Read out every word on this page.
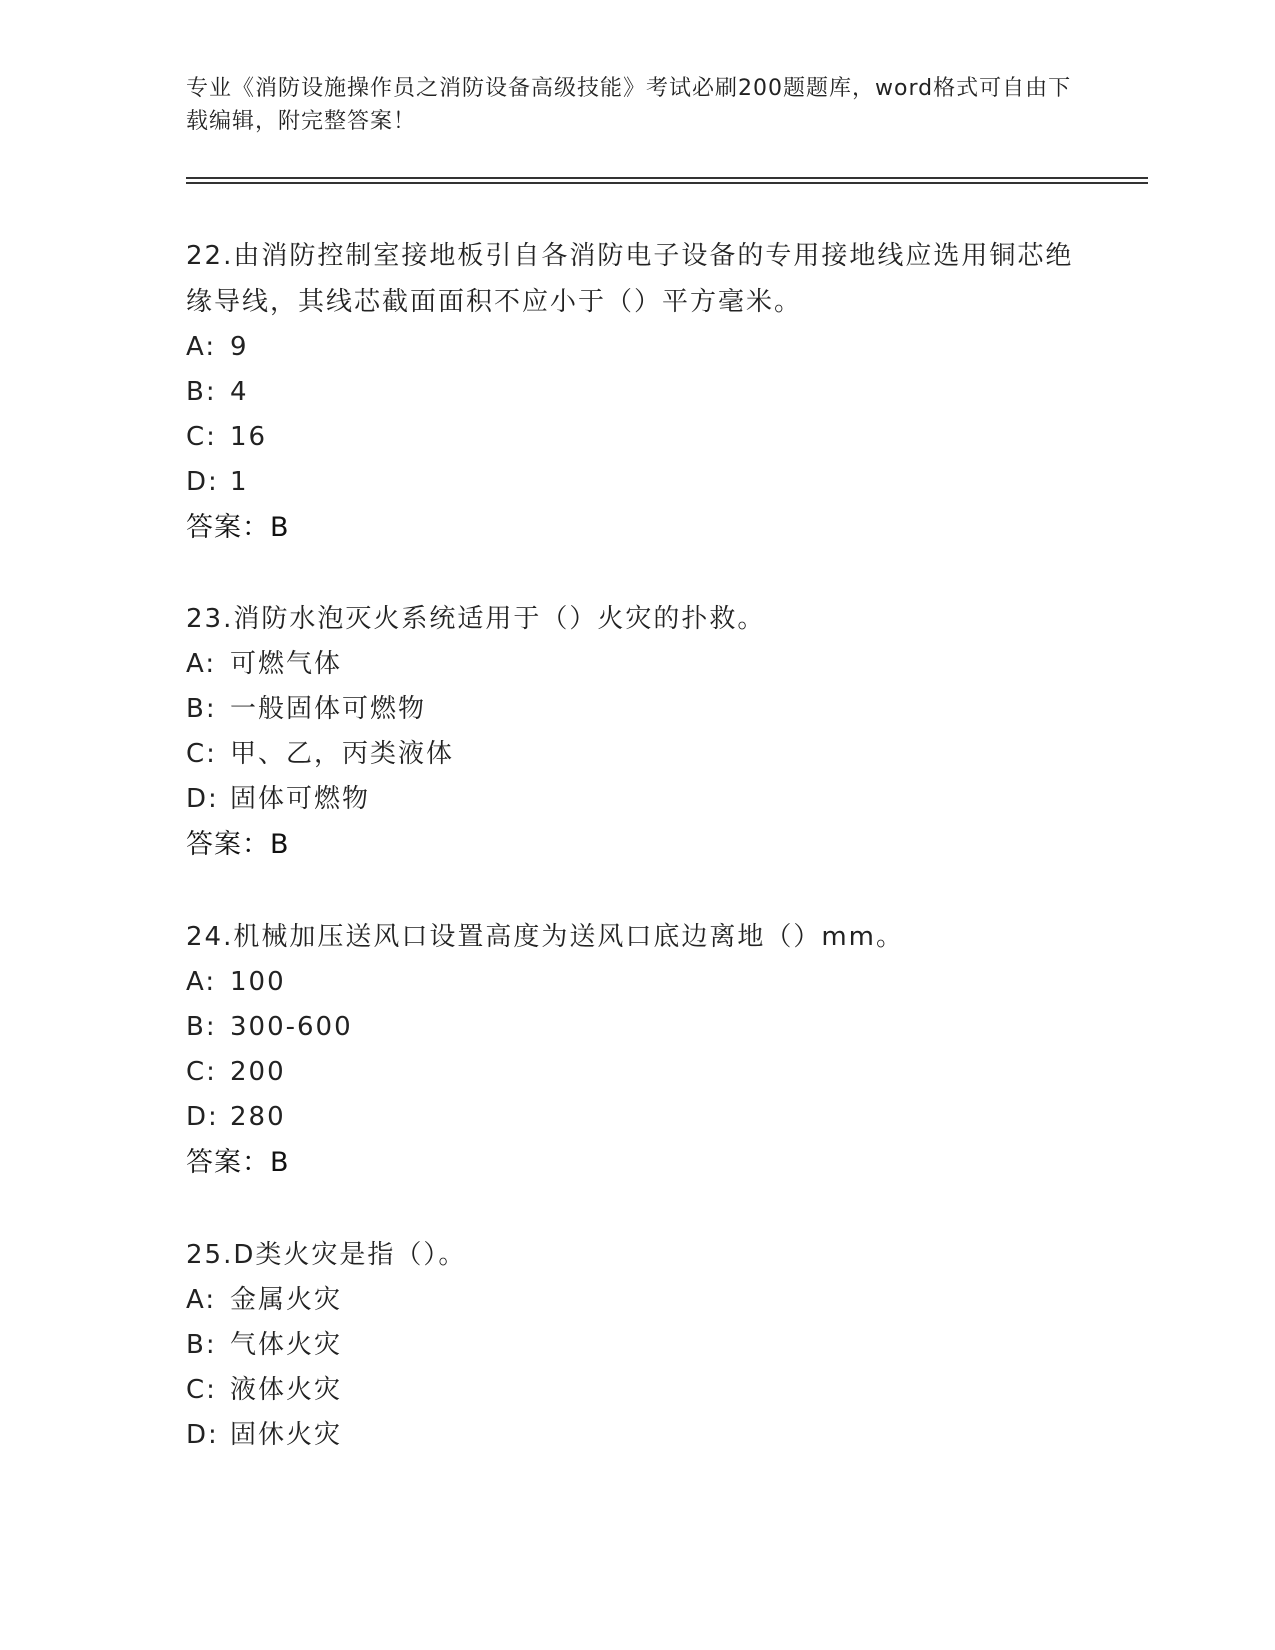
专业《消防设施操作员之消防设备高级技能》考试必刷200题题库，word格式可自由下载编辑，附完整答案！

22.由消防控制室接地板引自各消防电子设备的专用接地线应选用铜芯绝缘导线，其线芯截面面积不应小于（）平方毫米。

A: 9

B: 4

C: 16

D: 1

答案：B

23.消防水泡灭火系统适用于（）火灾的扑救。

A: 可燃气体

B: 一般固体可燃物

C: 甲、乙，丙类液体

D: 固体可燃物

答案：B

24.机械加压送风口设置高度为送风口底边离地（）mm。

A: 100

B: 300-600

C: 200

D: 280

答案：B

25.D类火灾是指（）。

A: 金属火灾

B: 气体火灾

C: 液体火灾

D: 固休火灾
